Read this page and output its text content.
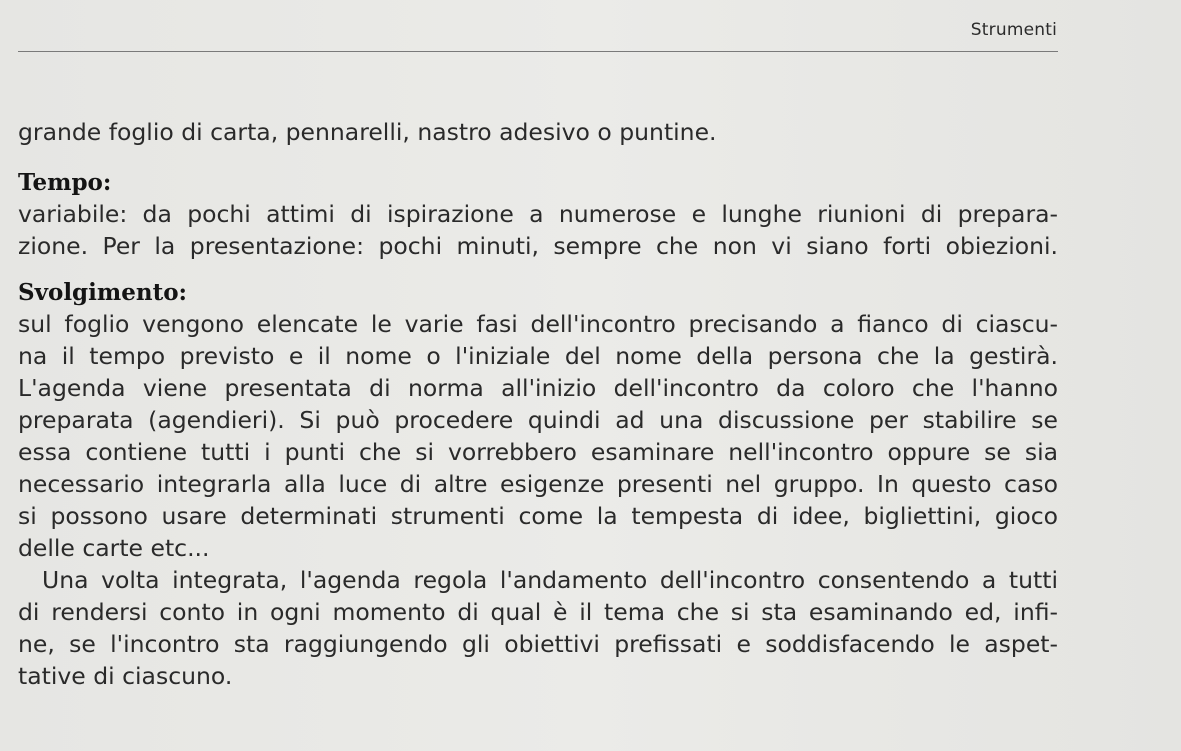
Strumenti
grande foglio di carta, pennarelli, nastro adesivo o puntine.
Tempo:
variabile: da pochi attimi di ispirazione a numerose e lunghe riunioni di prepara-
zione. Per la presentazione: pochi minuti, sempre che non vi siano forti obiezioni.
Svolgimento:
sul foglio vengono elencate le varie fasi dell'incontro precisando a fianco di ciascu-
na il tempo previsto e il nome o l'iniziale del nome della persona che la gestirà.
L'agenda viene presentata di norma all'inizio dell'incontro da coloro che l'hanno
preparata (agendieri). Si può procedere quindi ad una discussione per stabilire se
essa contiene tutti i punti che si vorrebbero esaminare nell'incontro oppure se sia
necessario integrarla alla luce di altre esigenze presenti nel gruppo. In questo caso
si possono usare determinati strumenti come la tempesta di idee, bigliettini, gioco
delle carte etc...
Una volta integrata, l'agenda regola l'andamento dell'incontro consentendo a tutti
di rendersi conto in ogni momento di qual è il tema che si sta esaminando ed, infi-
ne, se l'incontro sta raggiungendo gli obiettivi prefissati e soddisfacendo le aspet-
tative di ciascuno.
